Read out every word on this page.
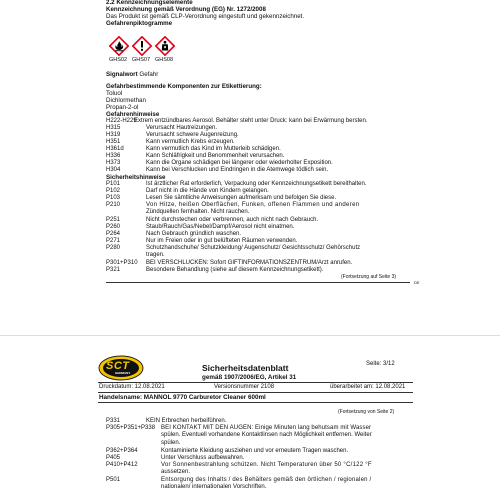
2.2 Kennzeichnungselemente
Kennzeichnung gemäß Verordnung (EG) Nr. 1272/2008
Das Produkt ist gemäß CLP-Verordnung eingestuft und gekennzeichnet.
Gefahrenpiktogramme
GHS02 GHS07 GHS08
Signalwort Gefahr
Gefahrbestimmende Komponenten zur Etikettierung:
Toluol
Dichlormethan
Propan-2-ol
Gefahrenhinweise
H222-H229
Extrem entzündbares Aerosol. Behälter steht unter Druck: kann bei Erwärmung bersten.
H315	Verursacht Hautreizungen.
H319	Verursacht schwere Augenreizung.
H351	Kann vermutlich Krebs erzeugen.
H361d	Kann vermutlich das Kind im Mutterleib schädigen.
H336	Kann Schläfrigkeit und Benommenheit verursachen.
H373	Kann die Organe schädigen bei längerer oder wiederholter Exposition.
H304	Kann bei Verschlucken und Eindringen in die Atemwege tödlich sein.
Sicherheitshinweise
P101	Ist ärztlicher Rat erforderlich, Verpackung oder Kennzeichnungsetikett bereithalten.
P102	Darf nicht in die Hände von Kindern gelangen.
P103	Lesen Sie sämtliche Anweisungen aufmerksam und befolgen Sie diese.
P210	Von Hitze, heißen Oberflächen, Funken, offenen Flammen und anderen
Zündquellen fernhalten. Nicht rauchen.
P251	Nicht durchstechen oder verbrennen, auch nicht nach Gebrauch.
P260	Staub/Rauch/Gas/Nebel/Dampf/Aerosol nicht einatmen.
P264	Nach Gebrauch gründlich waschen.
P271	Nur im Freien oder in gut belüfteten Räumen verwenden.
P280	Schutzhandschuhe/ Schutzkleidung/ Augenschutz/ Gesichtsschutz/ Gehörschutz
tragen.
P301+P310 BEI VERSCHLUCKEN: Sofort GIFTINFORMATIONSZENTRUM/Arzt anrufen.
P321	Besondere Behandlung (siehe auf diesem Kennzeichnungsetikett).
(Fortsetzung auf Seite 3)
DE
SCT
GERMANY	Sicherheitsdatenblatt
gemäß 1907/2006/EG, Artikel 31
Seite: 3/12
Druckdatum: 12.08.2021	Versionsnummer 2108	überarbeitet am: 12.08.2021
Handelsname: MANNOL 9770 Carburetor Cleaner 600ml
(Fortsetzung von Seite 2)
P331	KEIN Erbrechen herbeiführen.
P305+P351+P338 BEI KONTAKT MIT DEN AUGEN: Einige Minuten lang behutsam mit Wasser
spülen. Eventuell vorhandene Kontaktlinsen nach Möglichkeit entfernen. Weiter
spülen.
P362+P364	Kontaminierte Kleidung ausziehen und vor erneutem Tragen waschen.
P405	Unter Verschluss aufbewahren.
P410+P412	Vor Sonnenbestrahlung schützen. Nicht Temperaturen über 50 °C/122 °F
aussetzen.
P501	Entsorgung des Inhalts / des Behälters gemäß den örtlichen / regionalen /
nationalen/ internationalen Vorschriften.
